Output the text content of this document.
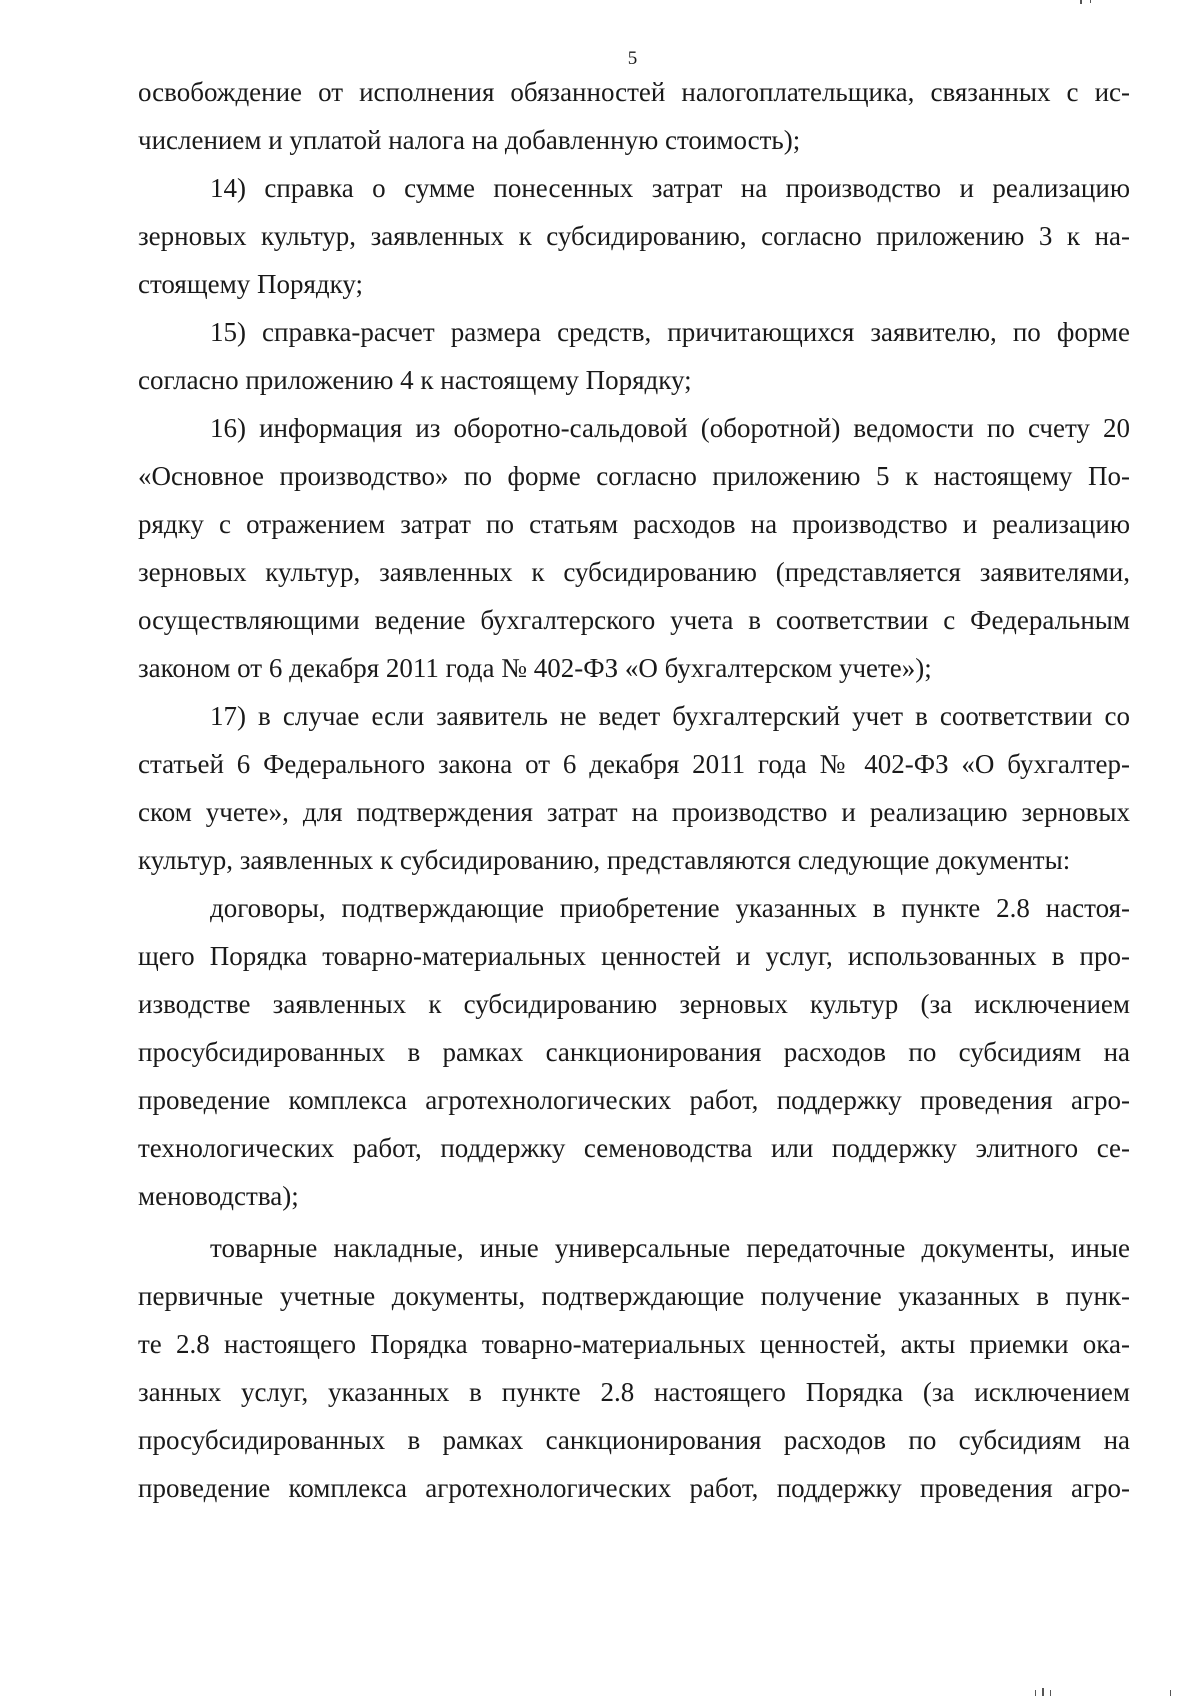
5
освобождение от исполнения обязанностей налогоплательщика, связанных с ис-
числением и уплатой налога на добавленную стоимость);
14) справка о сумме понесенных затрат на производство и реализацию
зерновых культур, заявленных к субсидированию, согласно приложению 3 к на-
стоящему Порядку;
15) справка-расчет размера средств, причитающихся заявителю, по форме
согласно приложению 4 к настоящему Порядку;
16) информация из оборотно-сальдовой (оборотной) ведомости по счету 20
«Основное производство» по форме согласно приложению 5 к настоящему По-
рядку с отражением затрат по статьям расходов на производство и реализацию
зерновых культур, заявленных к субсидированию (представляется заявителями,
осуществляющими ведение бухгалтерского учета в соответствии с Федеральным
законом от 6 декабря 2011 года № 402-ФЗ «О бухгалтерском учете»);
17) в случае если заявитель не ведет бухгалтерский учет в соответствии со
статьей 6 Федерального закона от 6 декабря 2011 года № 402-ФЗ «О бухгалтер-
ском учете», для подтверждения затрат на производство и реализацию зерновых
культур, заявленных к субсидированию, представляются следующие документы:
договоры, подтверждающие приобретение указанных в пункте 2.8 настоя-
щего Порядка товарно-материальных ценностей и услуг, использованных в про-
изводстве заявленных к субсидированию зерновых культур (за исключением
просубсидированных в рамках санкционирования расходов по субсидиям на
проведение комплекса агротехнологических работ, поддержку проведения агро-
технологических работ, поддержку семеноводства или поддержку элитного се-
меноводства);
товарные накладные, иные универсальные передаточные документы, иные
первичные учетные документы, подтверждающие получение указанных в пунк-
те 2.8 настоящего Порядка товарно-материальных ценностей, акты приемки ока-
занных услуг, указанных в пункте 2.8 настоящего Порядка (за исключением
просубсидированных в рамках санкционирования расходов по субсидиям на
проведение комплекса агротехнологических работ, поддержку проведения агро-
